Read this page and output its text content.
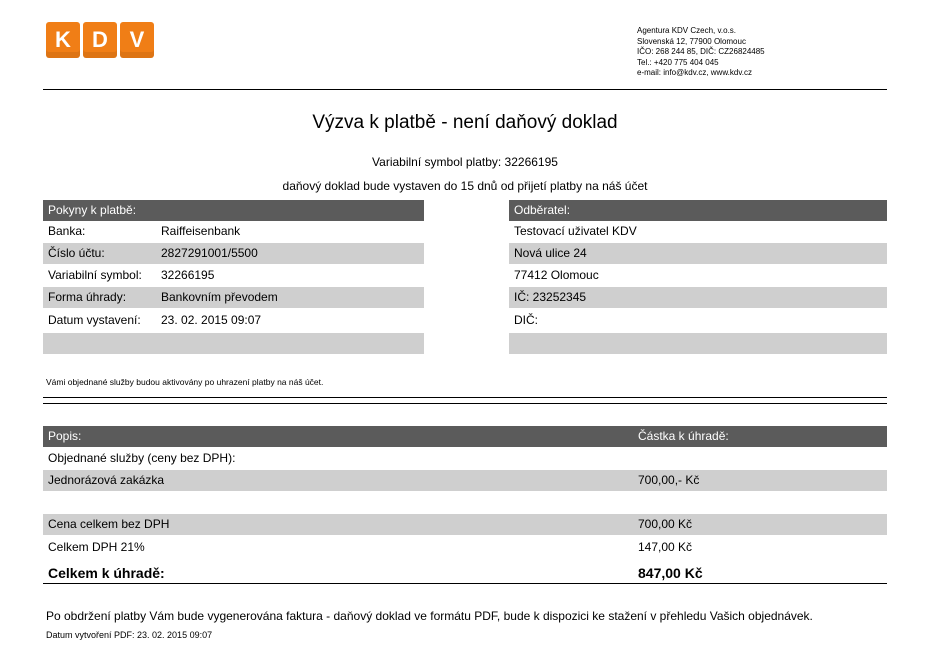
K D V	Agentura KDV Czech, v.o.s.
Slovenská 12, 77900 Olomouc
IČO: 268 244 85, DIČ: CZ26824485
Tel.: +420 775 404 045
e-mail: info@kdv.cz, www.kdv.cz
Výzva k platbě - není daňový doklad
Variabilní symbol platby: 32266195
daňový doklad bude vystaven do 15 dnů od přijetí platby na náš účet
Pokyny k platbě:
Banka:	Raiffeisenbank
Číslo účtu:	2827291001/5500
Variabilní symbol: 32266195
Forma úhrady:	Bankovním převodem
Datum vystavení: 23. 02. 2015 09:07
Odběratel:
Testovací uživatel KDV
Nová ulice 24
77412 Olomouc
IČ: 23252345
DIČ:
Vámi objednané služby budou aktivovány po uhrazení platby na náš účet.
Popis:	Částka k úhradě:
Objednané služby (ceny bez DPH):
Jednorázová zakázka	700,00,- Kč
Cena celkem bez DPH	700,00 Kč
Celkem DPH 21%	147,00 Kč
Celkem k úhradě:	847,00 Kč
Po obdržení platby Vám bude vygenerována faktura - daňový doklad ve formátu PDF, bude k dispozici ke stažení v přehledu Vašich objednávek.
Datum vytvoření PDF: 23. 02. 2015 09:07
